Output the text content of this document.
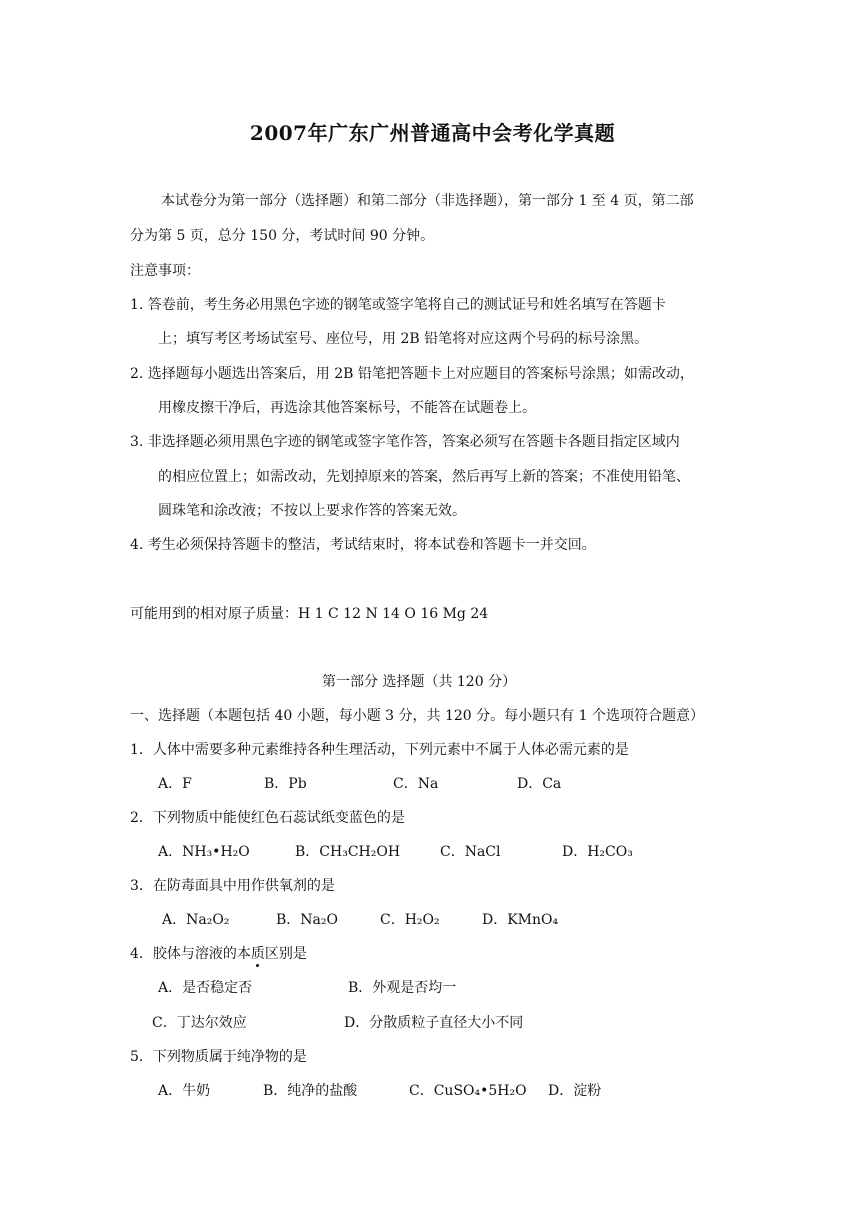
2007年广东广州普通高中会考化学真题
本试卷分为第一部分（选择题）和第二部分（非选择题），第一部分 1 至 4 页，第二部
分为第 5 页，总分 150 分，考试时间 90 分钟。
注意事项：
1. 答卷前，考生务必用黑色字迹的钢笔或签字笔将自己的测试证号和姓名填写在答题卡
上；填写考区考场试室号、座位号，用 2B 铅笔将对应这两个号码的标号涂黑。
2. 选择题每小题选出答案后，用 2B 铅笔把答题卡上对应题目的答案标号涂黑；如需改动，
用橡皮擦干净后，再选涂其他答案标号，不能答在试题卷上。
3. 非选择题必须用黑色字迹的钢笔或签字笔作答，答案必须写在答题卡各题目指定区域内
的相应位置上；如需改动，先划掉原来的答案，然后再写上新的答案；不准使用铅笔、
圆珠笔和涂改液；不按以上要求作答的答案无效。
4. 考生必须保持答题卡的整洁，考试结束时，将本试卷和答题卡一并交回。
可能用到的相对原子质量：H 1 C 12 N 14 O 16 Mg 24
第一部分 选择题（共 120 分）
一、选择题（本题包括 40 小题，每小题 3 分，共 120 分。每小题只有 1 个选项符合题意）
1．人体中需要多种元素维持各种生理活动，下列元素中不属于人体必需元素的是
A．F	B．Pb	C．Na	D．Ca
2．下列物质中能使红色石蕊试纸变蓝色的是
A．NH₃•H₂O	B．CH₃CH₂OH	C．NaCl	D．H₂CO₃
3．在防毒面具中用作供氧剂的是
A．Na₂O₂	B．Na₂O	C．H₂O₂	D．KMnO₄
4．胶体与溶液的本质区别是
A．是否稳定否	B．外观是否均一
C．丁达尔效应	D．分散质粒子直径大小不同
5．下列物质属于纯净物的是
A．牛奶	B．纯净的盐酸	C．CuSO₄•5H₂O D．淀粉
